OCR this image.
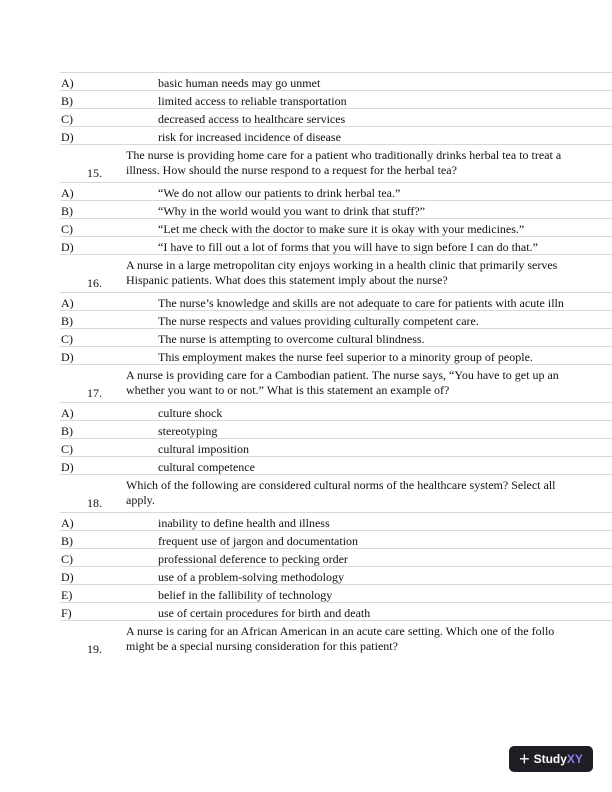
A)	basic human needs may go unmet
B)	limited access to reliable transportation
C)	decreased access to healthcare services
D)	risk for increased incidence of disease
15.
The nurse is providing home care for a patient who traditionally drinks herbal tea to treat a
illness. How should the nurse respond to a request for the herbal tea?
A)	“We do not allow our patients to drink herbal tea.”
B)	“Why in the world would you want to drink that stuff?”
C)	“Let me check with the doctor to make sure it is okay with your medicines.”
D)	“I have to fill out a lot of forms that you will have to sign before I can do that.”
16.
A nurse in a large metropolitan city enjoys working in a health clinic that primarily serves
Hispanic patients. What does this statement imply about the nurse?
A)	The nurse’s knowledge and skills are not adequate to care for patients with acute illn
B)	The nurse respects and values providing culturally competent care.
C)	The nurse is attempting to overcome cultural blindness.
D)	This employment makes the nurse feel superior to a minority group of people.
17.
A nurse is providing care for a Cambodian patient. The nurse says, “You have to get up an
whether you want to or not.” What is this statement an example of?
A)	culture shock
B)	stereotyping
C)	cultural imposition
D)	cultural competence
18.
Which of the following are considered cultural norms of the healthcare system? Select all
apply.
A)	inability to define health and illness
B)	frequent use of jargon and documentation
C)	professional deference to pecking order
D)	use of a problem-solving methodology
E)	belief in the fallibility of technology
F)	use of certain procedures for birth and death
19.
A nurse is caring for an African American in an acute care setting. Which one of the follo
might be a special nursing consideration for this patient?
+ Study XY
